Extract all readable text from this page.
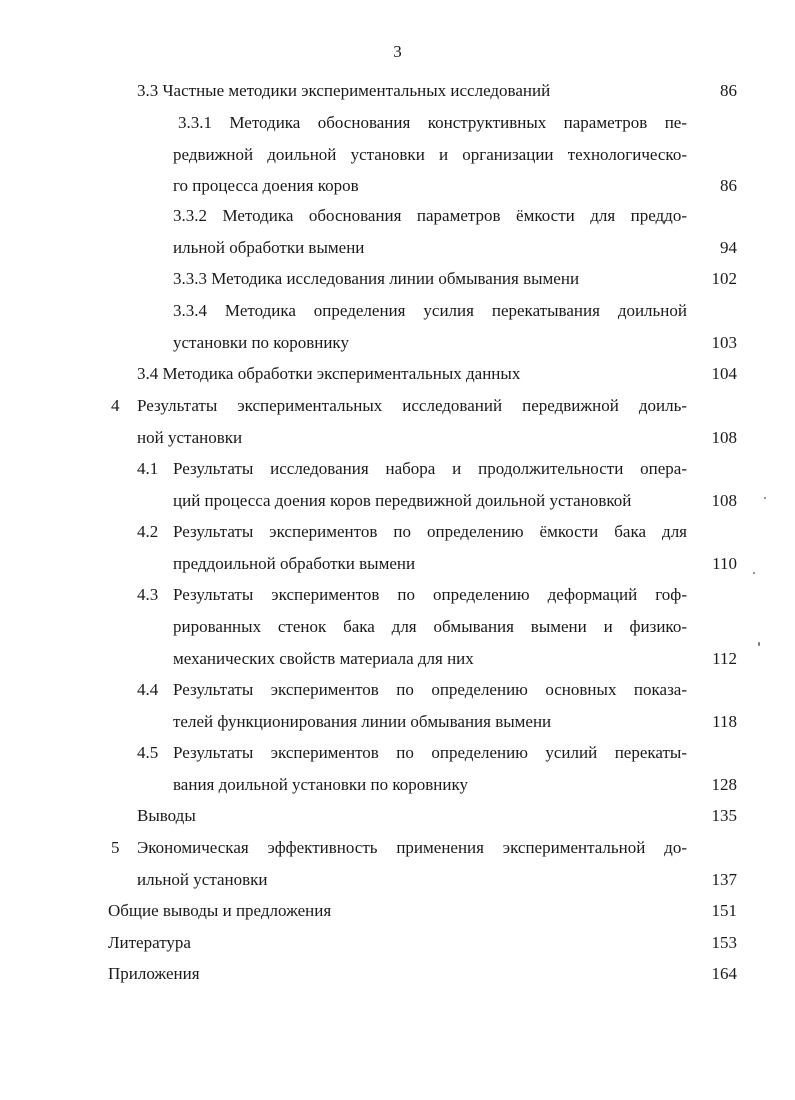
3
3.3 Частные методики экспериментальных исследований	86
3.3.1 Методика обоснования конструктивных параметров пе-
редвижной доильной установки и организации технологическо-
го процесса доения коров	86
3.3.2 Методика обоснования параметров ёмкости для преддо-
ильной обработки вымени	94
3.3.3 Методика исследования линии обмывания вымени	102
3.3.4 Методика определения усилия перекатывания доильной
установки по коровнику	103
3.4 Методика обработки экспериментальных данных	104
4 Результаты экспериментальных исследований передвижной доиль-
ной установки	108
4.1 Результаты исследования набора и продолжительности опера-
ций процесса доения коров передвижной доильной установкой	108
4.2 Результаты экспериментов по определению ёмкости бака для
преддоильной обработки вымени	110
4.3 Результаты экспериментов по определению деформаций гоф-
рированных стенок бака для обмывания вымени и физико-
механических свойств материала для них	112
4.4 Результаты экспериментов по определению основных показа-
телей функционирования линии обмывания вымени	118
4.5 Результаты экспериментов по определению усилий перекаты-
вания доильной установки по коровнику	128
Выводы	135
5 Экономическая эффективность применения экспериментальной до-
ильной установки	137
Общие выводы и предложения	151
Литература	153
Приложения	164
